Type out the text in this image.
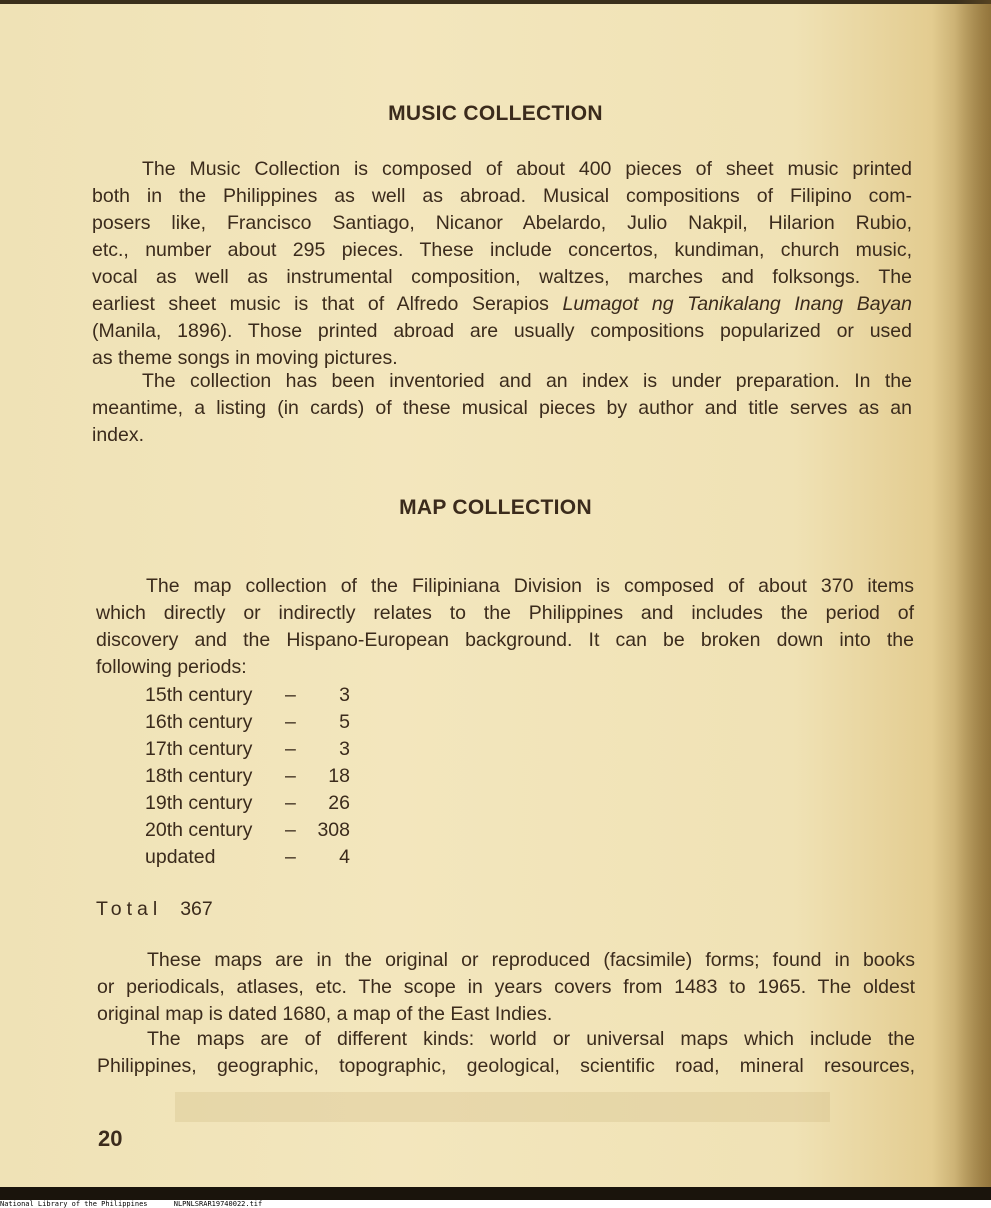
MUSIC COLLECTION
The Music Collection is composed of about 400 pieces of sheet music printed
both in the Philippines as well as abroad. Musical compositions of Filipino com-
posers like, Francisco Santiago, Nicanor Abelardo, Julio Nakpil, Hilarion Rubio,
etc., number about 295 pieces. These include concertos, kundiman, church music,
vocal as well as instrumental composition, waltzes, marches and folksongs. The
earliest sheet music is that of Alfredo Serapios Lumagot ng Tanikalang Inang Bayan
(Manila, 1896). Those printed abroad are usually compositions popularized or used
as theme songs in moving pictures.
The collection has been inventoried and an index is under preparation. In the
meantime, a listing (in cards) of these musical pieces by author and title serves as an
index.
MAP COLLECTION
The map collection of the Filipiniana Division is composed of about 370 items
which directly or indirectly relates to the Philippines and includes the period of
discovery and the Hispano-European background. It can be broken down into the
following periods:
15th century – 3
16th century – 5
17th century – 3
18th century – 18
19th century – 26
20th century – 308
updated	– 4
Total 367
These maps are in the original or reproduced (facsimile) forms; found in books
or periodicals, atlases, etc. The scope in years covers from 1483 to 1965. The oldest
original map is dated 1680, a map of the East Indies.
The maps are of different kinds: world or universal maps which include the
Philippines, geographic, topographic, geological, scientific road, mineral resources,
20
National Library of the Philippines	NLPNLSRAR19740022.tif
